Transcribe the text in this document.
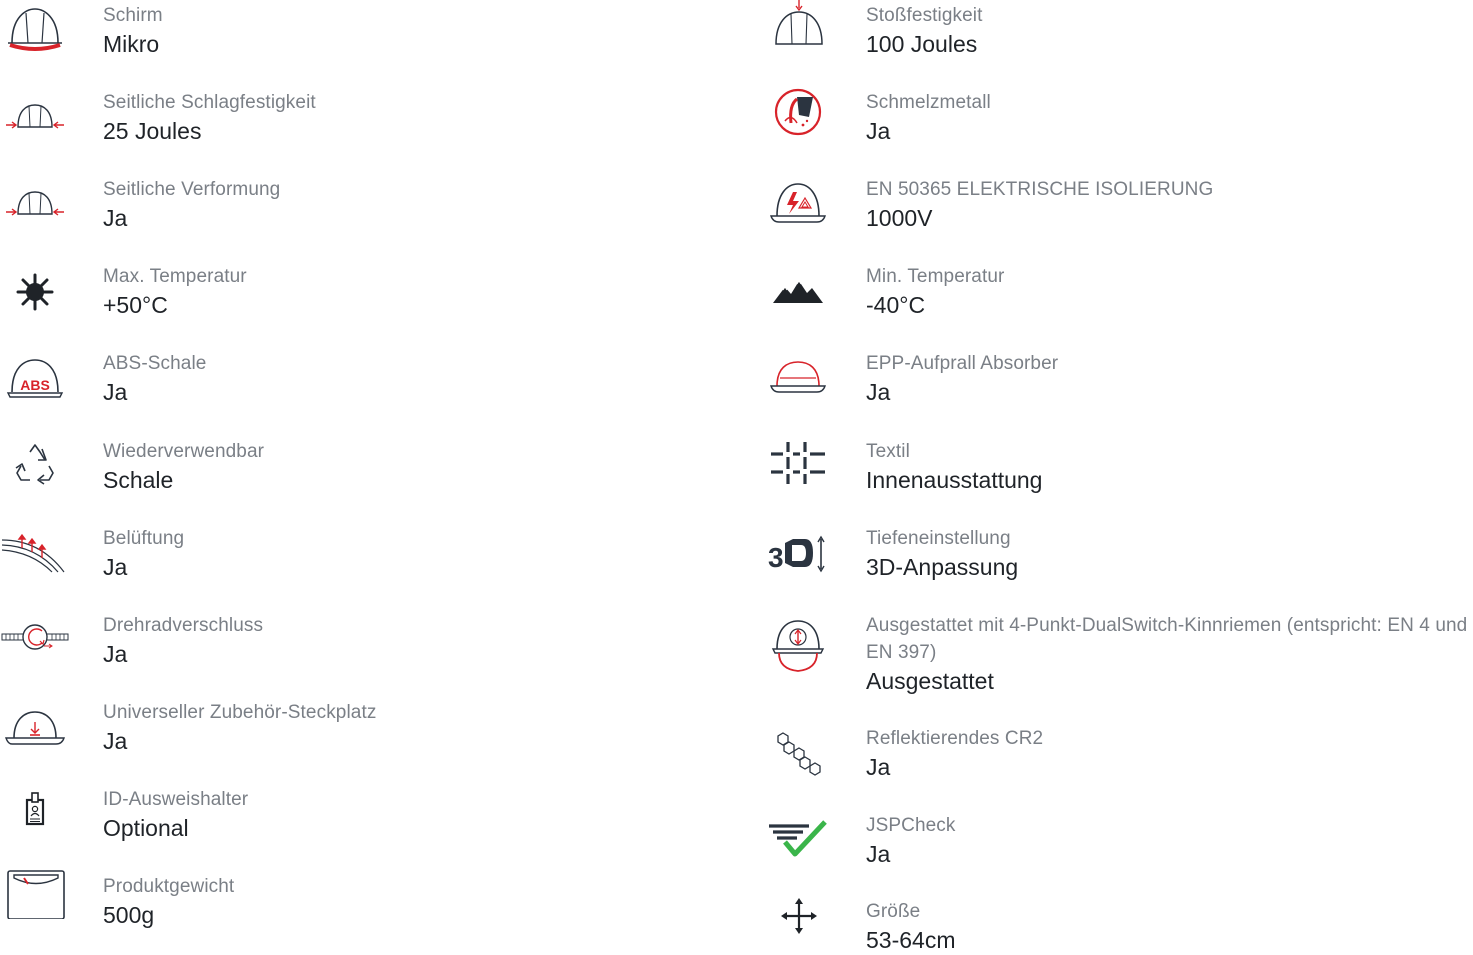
Schirm
Mikro
Seitliche Schlagfestigkeit
25 Joules
Seitliche Verformung
Ja
Max. Temperatur
+50°C
ABS
ABS-Schale
Ja
Wiederverwendbar
Schale
Belüftung
Ja
Drehradverschluss
Ja
Universeller Zubehör-Steckplatz
Ja
ID-Ausweishalter
Optional
Produktgewicht
500g
Stoßfestigkeit
100 Joules
Schmelzmetall
Ja
EN 50365 ELEKTRISCHE ISOLIERUNG
1000V
Min. Temperatur
-40°C
EPP-Aufprall Absorber
Ja
Textil
Innenausstattung
3
Tiefeneinstellung
3D-Anpassung
Ausgestattet mit 4-Punkt-DualSwitch-Kinnriemen (entspricht: EN 4 und EN 397)
Ausgestattet
Reflektierendes CR2
Ja
JSPCheck
Ja
Größe
53-64cm
